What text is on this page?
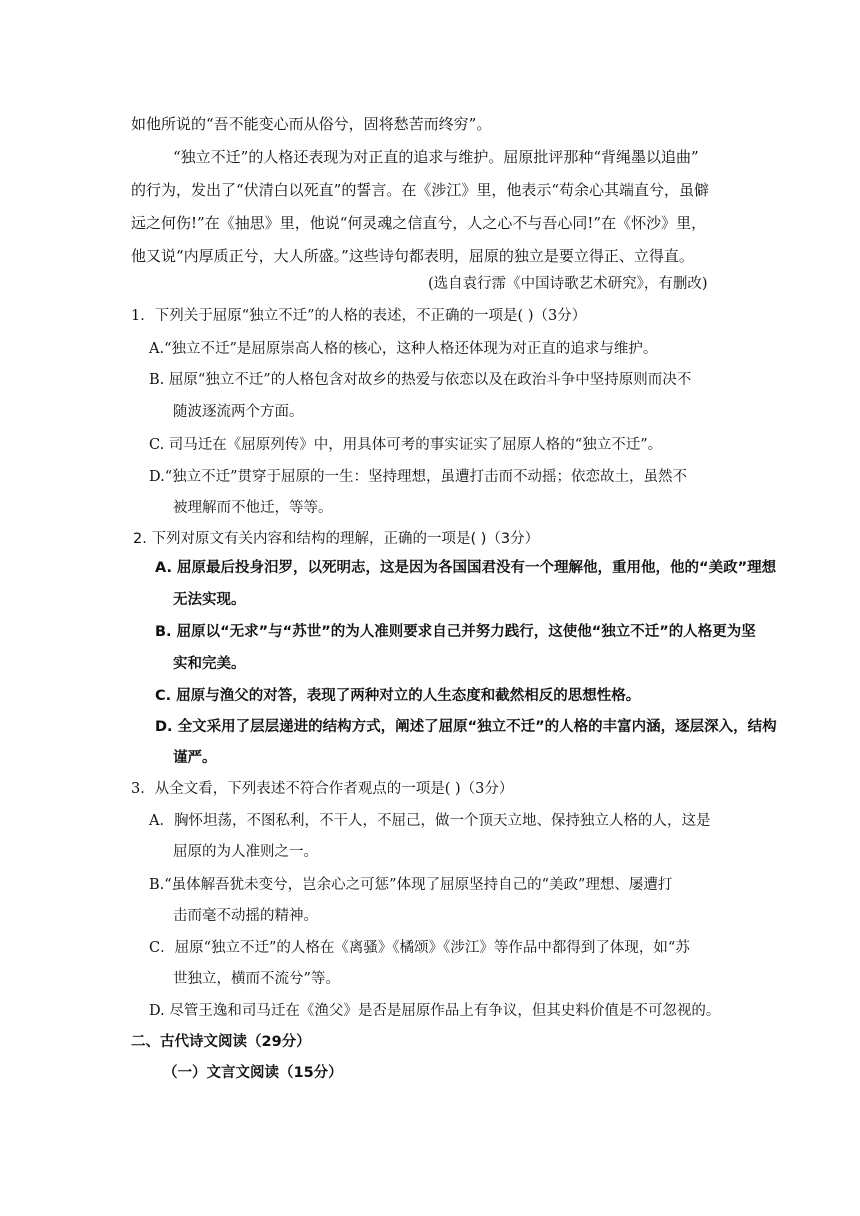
如他所说的“吾不能变心而从俗兮，固将愁苦而终穷”。
“独立不迁”的人格还表现为对正直的追求与维护。屈原批评那种“背绳墨以追曲”
的行为，发出了“伏清白以死直”的誓言。在《涉江》里，他表示“苟余心其端直兮，虽僻
远之何伤!”在《抽思》里，他说“何灵魂之信直兮，人之心不与吾心同!”在《怀沙》里，
他又说“内厚质正兮，大人所盛。”这些诗句都表明，屈原的独立是要立得正、立得直。
(选自袁行霈《中国诗歌艺术研究》，有删改)
1．下列关于屈原“独立不迁”的人格的表述，不正确的一项是( )（3分）
A.“独立不迁”是屈原崇高人格的核心，这种人格还体现为对正直的追求与维护。
B. 屈原“独立不迁”的人格包含对故乡的热爱与依恋以及在政治斗争中坚持原则而决不
随波逐流两个方面。
C. 司马迁在《屈原列传》中，用具体可考的事实证实了屈原人格的“独立不迁”。
D.“独立不迁”贯穿于屈原的一生：坚持理想，虽遭打击而不动摇；依恋故土，虽然不
被理解而不他迁，等等。
2. 下列对原文有关内容和结构的理解，正确的一项是( )（3分）
A. 屈原最后投身汨罗，以死明志，这是因为各国国君没有一个理解他，重用他，他的“美政”理想
无法实现。
B. 屈原以“无求”与“苏世”的为人准则要求自己并努力践行，这使他“独立不迁”的人格更为坚
实和完美。
C. 屈原与渔父的对答，表现了两种对立的人生态度和截然相反的思想性格。
D. 全文采用了层层递进的结构方式，阐述了屈原“独立不迁”的人格的丰富内涵，逐层深入，结构
谨严。
3．从全文看，下列表述不符合作者观点的一项是( )（3分）
A．胸怀坦荡，不图私利，不干人，不屈己，做一个顶天立地、保持独立人格的人，这是
屈原的为人准则之一。
B.“虽体解吾犹未变兮，岂余心之可惩”体现了屈原坚持自己的“美政”理想、屡遭打
击而毫不动摇的精神。
C．屈原“独立不迁”的人格在《离骚》《橘颂》《涉江》等作品中都得到了体现，如“苏
世独立，横而不流兮”等。
D. 尽管王逸和司马迁在《渔父》是否是屈原作品上有争议，但其史料价值是不可忽视的。
二、古代诗文阅读（29分）
（一）文言文阅读（15分）
